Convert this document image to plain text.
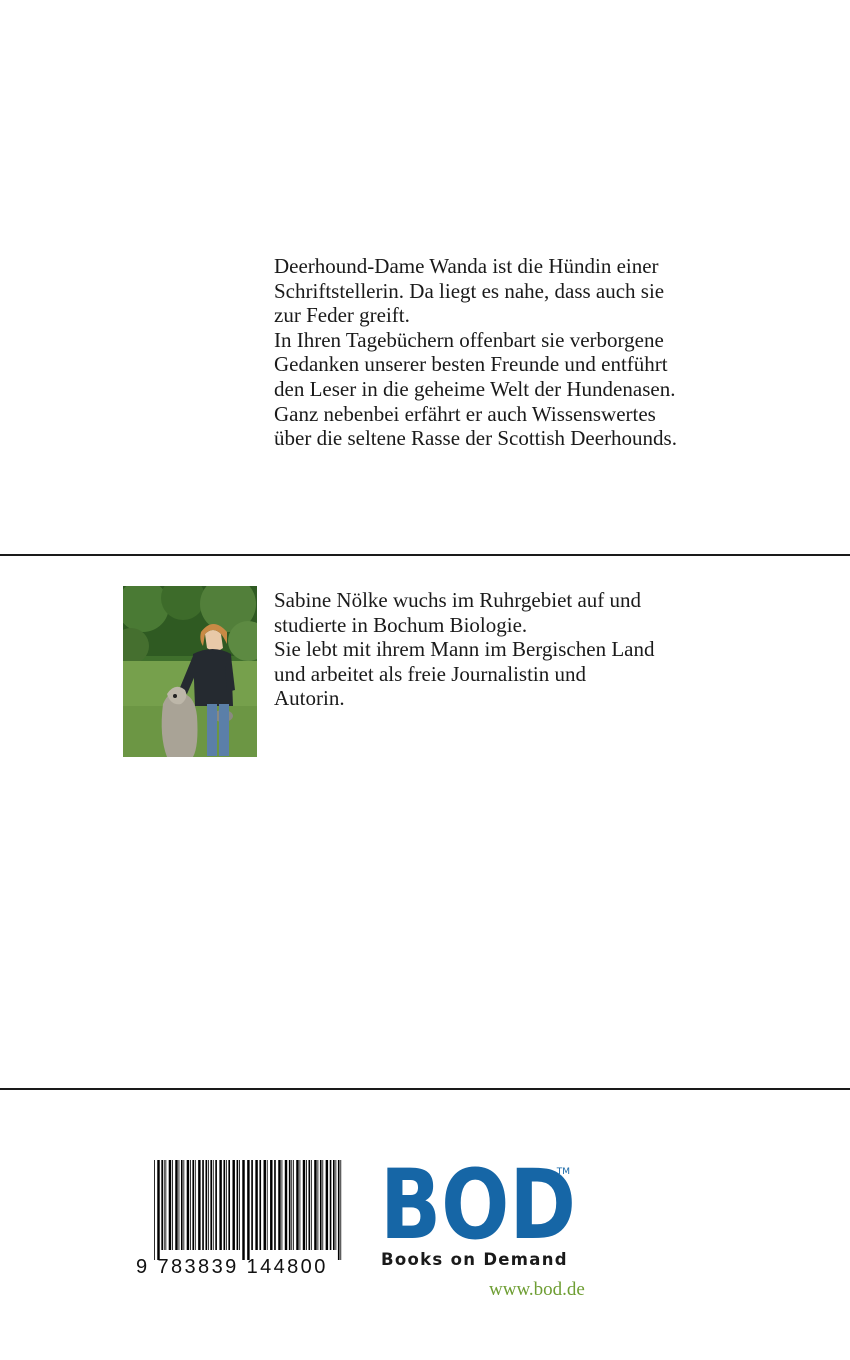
Deerhound-Dame Wanda ist die Hündin einer

Schriftstellerin. Da liegt es nahe, dass auch sie

zur Feder greift.

In Ihren Tagebüchern offenbart sie verborgene

Gedanken unserer besten Freunde und entführt

den Leser in die geheime Welt der Hundenasen.

Ganz nebenbei erfährt er auch Wissenswertes

über die seltene Rasse der Scottish Deerhounds.

Sabine Nölke wuchs im Ruhrgebiet auf und

studierte in Bochum Biologie.

Sie lebt mit ihrem Mann im Bergischen Land

und arbeitet als freie Journalistin und

Autorin.

9 783839 144800
TM
BOD
Books on Demand
www.bod.de
